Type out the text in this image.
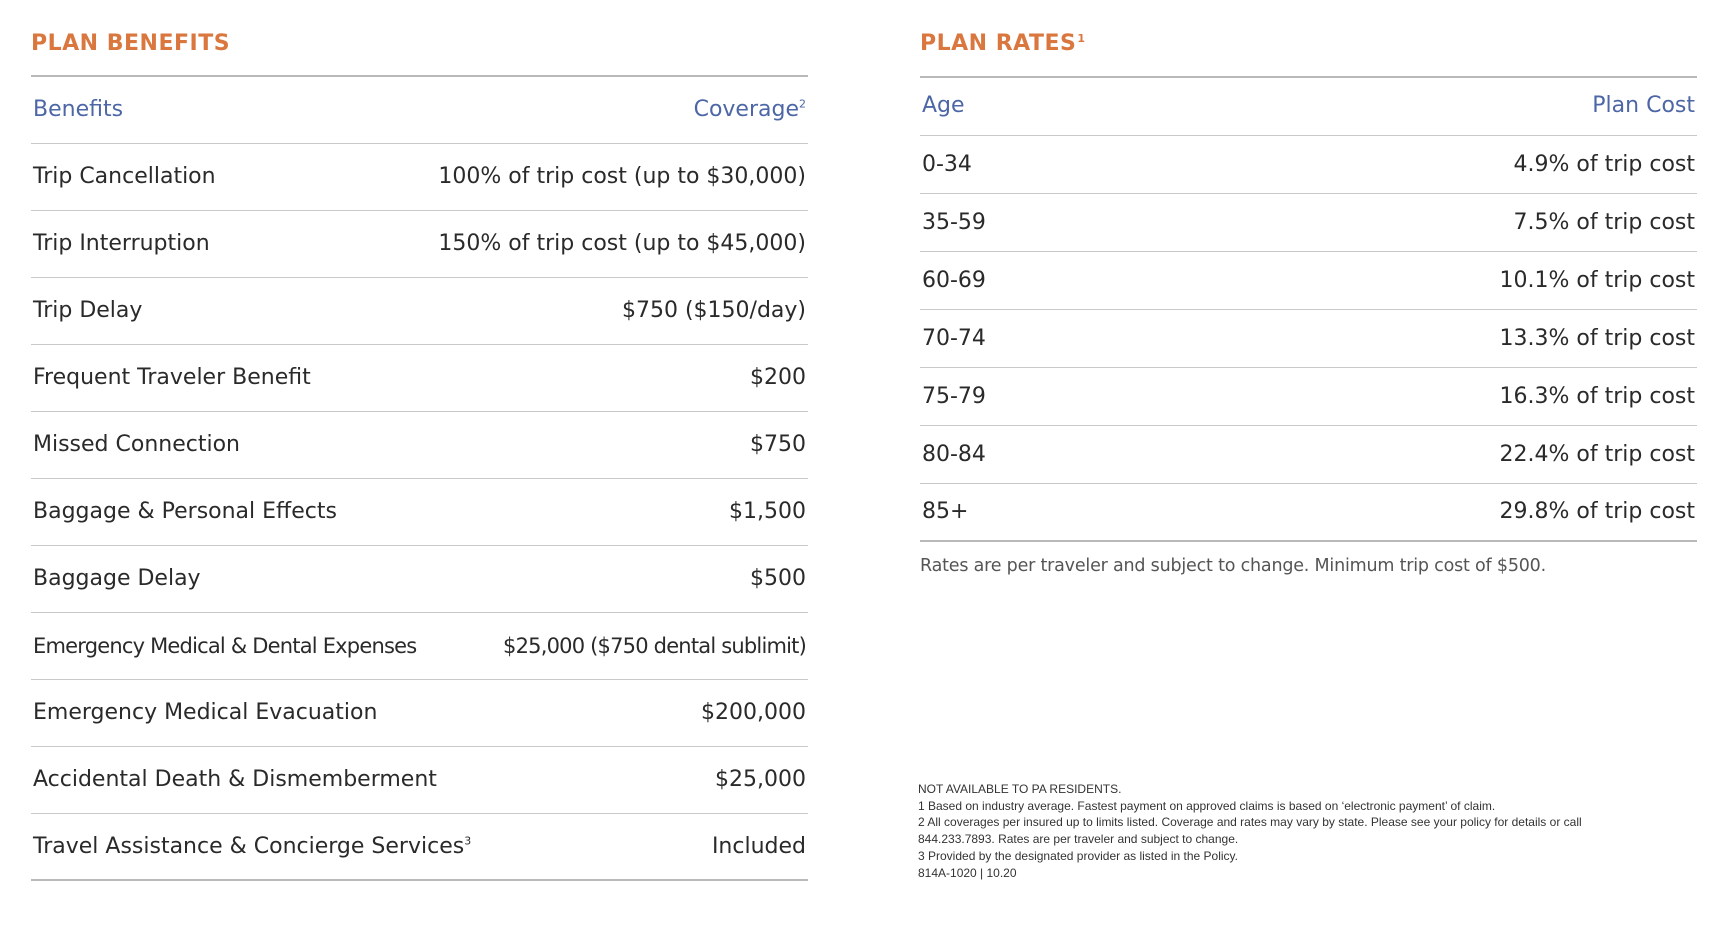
PLAN BENEFITS
Benefits	Coverage$^2$
Trip Cancellation	100% of trip cost (up to $30,000)
Trip Interruption	150% of trip cost (up to $45,000)
Trip Delay	$750 ($150/day)
Frequent Traveler Benefit	$200
Missed Connection	$750
Baggage & Personal Effects	$1,500
Baggage Delay	$500
Emergency Medical & Dental Expenses	$25,000 ($750 dental sublimit)
Emergency Medical Evacuation	$200,000
Accidental Death & Dismemberment	$25,000
Travel Assistance & Concierge Services$^3$	Included
PLAN RATES$^1$
Age	Plan Cost
0-34	4.9% of trip cost
35-59	7.5% of trip cost
60-69	10.1% of trip cost
70-74	13.3% of trip cost
75-79	16.3% of trip cost
80-84	22.4% of trip cost
85+	29.8% of trip cost
Rates are per traveler and subject to change. Minimum trip cost of $500.
NOT AVAILABLE TO PA RESIDENTS.
1 Based on industry average. Fastest payment on approved claims is based on ‘electronic payment’ of claim.
2 All coverages per insured up to limits listed. Coverage and rates may vary by state. Please see your policy for details or call
844.233.7893. Rates are per traveler and subject to change.
3 Provided by the designated provider as listed in the Policy.
814A-1020 | 10.20
